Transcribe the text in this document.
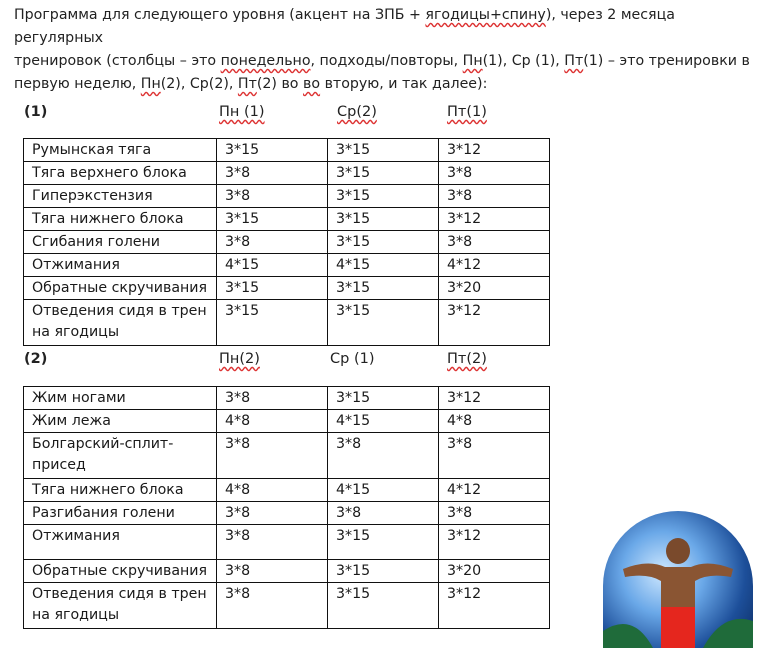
Программа для следующего уровня (акцент на ЗПБ + ягодицы+спину), через 2 месяца регулярных
тренировок (столбцы – это понедельно, подходы/повторы, Пн(1), Ср (1), Пт(1) – это тренировки в
первую неделю, Пн(2), Ср(2), Пт(2) во во вторую, и так далее):
(1)	Пн (1)	Ср(2)	Пт(1)
Румынская тяга	3*15	3*15	3*12
Тяга верхнего блока	3*8	3*15	3*8
Гиперэкстензия	3*8	3*15	3*8
Тяга нижнего блока	3*15	3*15	3*12
Сгибания голени	3*8	3*15	3*8
Отжимания	4*15	4*15	4*12
Обратные скручивания	3*15	3*15	3*20
Отведения сидя в трен на ягодицы	3*15	3*15	3*12
(2)	Пн(2)	Ср (1)	Пт(2)
Жим ногами	3*8	3*15	3*12
Жим лежа	4*8	4*15	4*8
Болгарский-сплит-присед	3*8	3*8	3*8
Тяга нижнего блока	4*8	4*15	4*12
Разгибания голени	3*8	3*8	3*8
Отжимания	3*8	3*15	3*12
Обратные скручивания	3*8	3*15	3*20
Отведения сидя в трен на ягодицы	3*8	3*15	3*12
